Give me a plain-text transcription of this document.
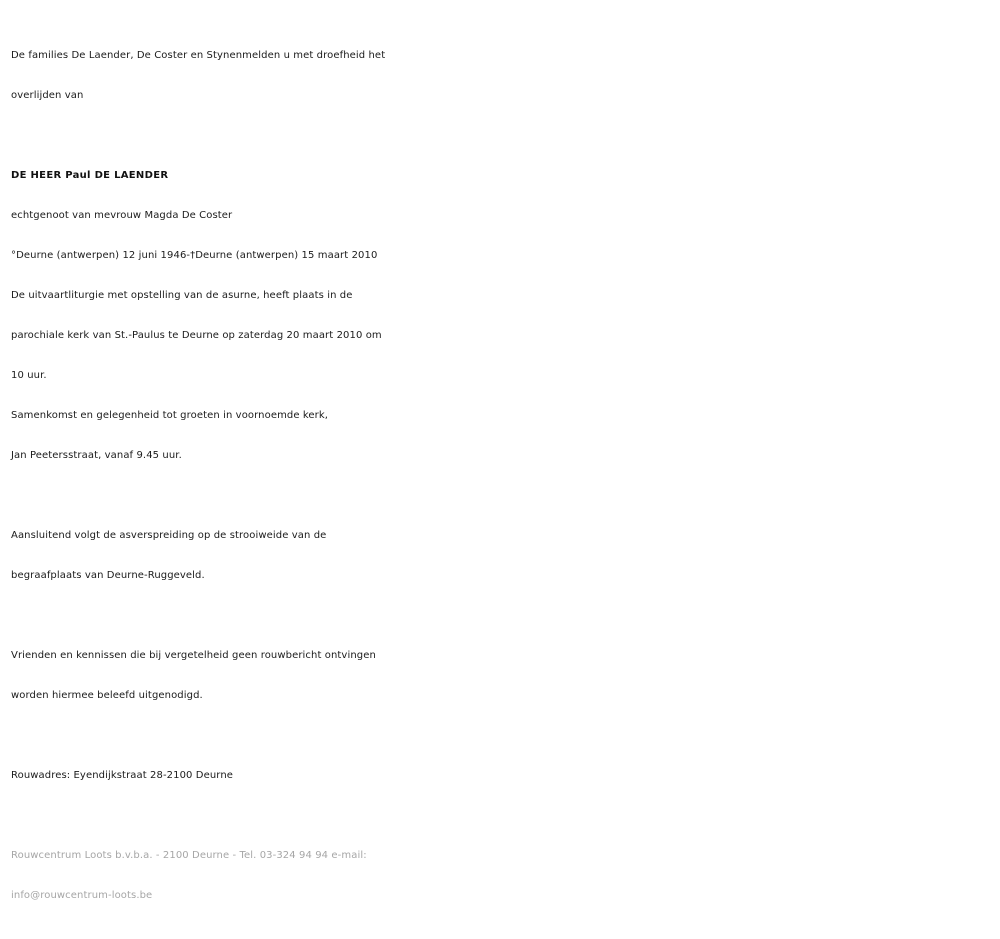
De families De Laender, De Coster en Stynenmelden u met droefheid het
overlijden van
DE HEER Paul DE LAENDER
echtgenoot van mevrouw Magda De Coster
°Deurne (antwerpen) 12 juni 1946-†Deurne (antwerpen) 15 maart 2010
De uitvaartliturgie met opstelling van de asurne, heeft plaats in de
parochiale kerk van St.-Paulus te Deurne op zaterdag 20 maart 2010 om
10 uur.
Samenkomst en gelegenheid tot groeten in voornoemde kerk,
Jan Peetersstraat, vanaf 9.45 uur.
Aansluitend volgt de asverspreiding op de strooiweide van de
begraafplaats van Deurne-Ruggeveld.
Vrienden en kennissen die bij vergetelheid geen rouwbericht ontvingen
worden hiermee beleefd uitgenodigd.
Rouwadres: Eyendijkstraat 28-2100 Deurne
Rouwcentrum Loots b.v.b.a. - 2100 Deurne - Tel. 03-324 94 94 e-mail:
info@rouwcentrum-loots.be
